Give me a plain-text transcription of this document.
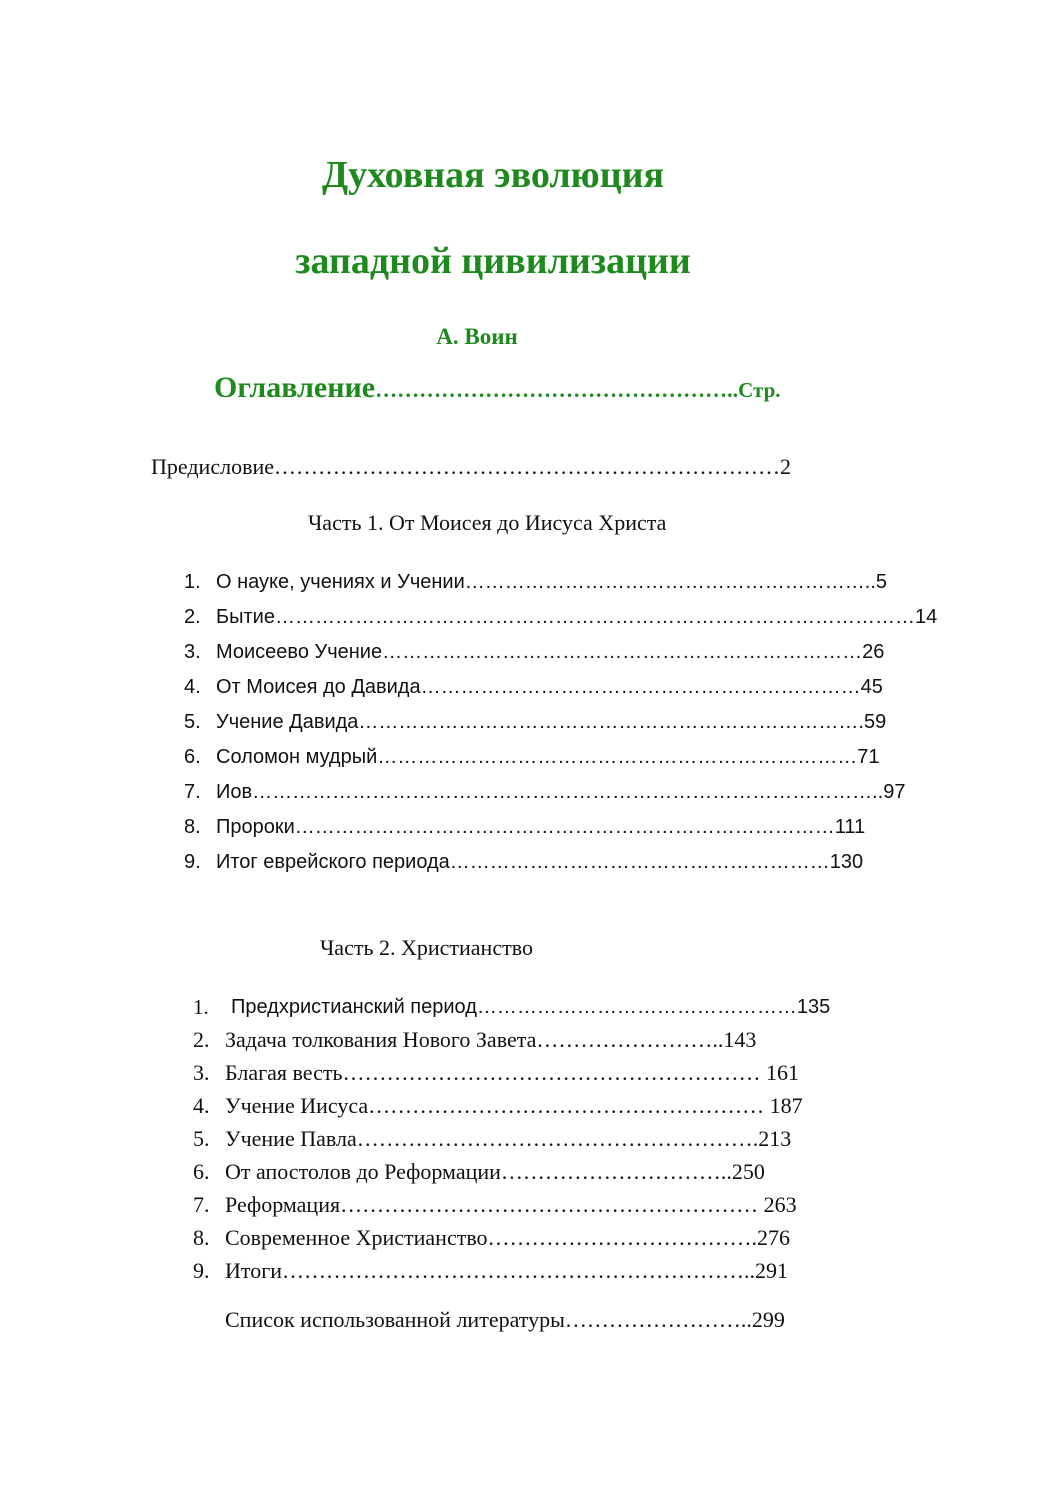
Духовная эволюция
западной цивилизации
А. Воин
Оглавление…………………………………………..Стр.
Предисловие……………………………………………………………2
Часть 1. От Моисея до Иисуса Христа
1. О науке, учениях и Учении……………………………………………………..5
2. Бытие……………………………………………………………………………………14
3. Моисеево Учение………………………………………………………………26
4. От Моисея до Давида…………………………………………………………45
5. Учение Давида………………………………………………………………….59
6. Соломон мудрый………………………………………………………………71
7. Иов…………………………………………………………………………………..97
8. Пророки………………………………………………………………………111
9. Итог еврейского периода…………………………………………………130
Часть 2. Христианство
1. Предхристианский период…………………………………………135
2. Задача толкования Нового Завета……………………..143
3. Благая весть………………………………………………… 161
4. Учение Иисуса……………………………………………… 187
5. Учение Павла……………………………………………….213
6. От апостолов до Реформации…………………………..250
7. Реформация………………………………………………… 263
8. Современное Христианство……………………………….276
9. Итоги………………………………………………………..291
Список использованной литературы……………………..299
